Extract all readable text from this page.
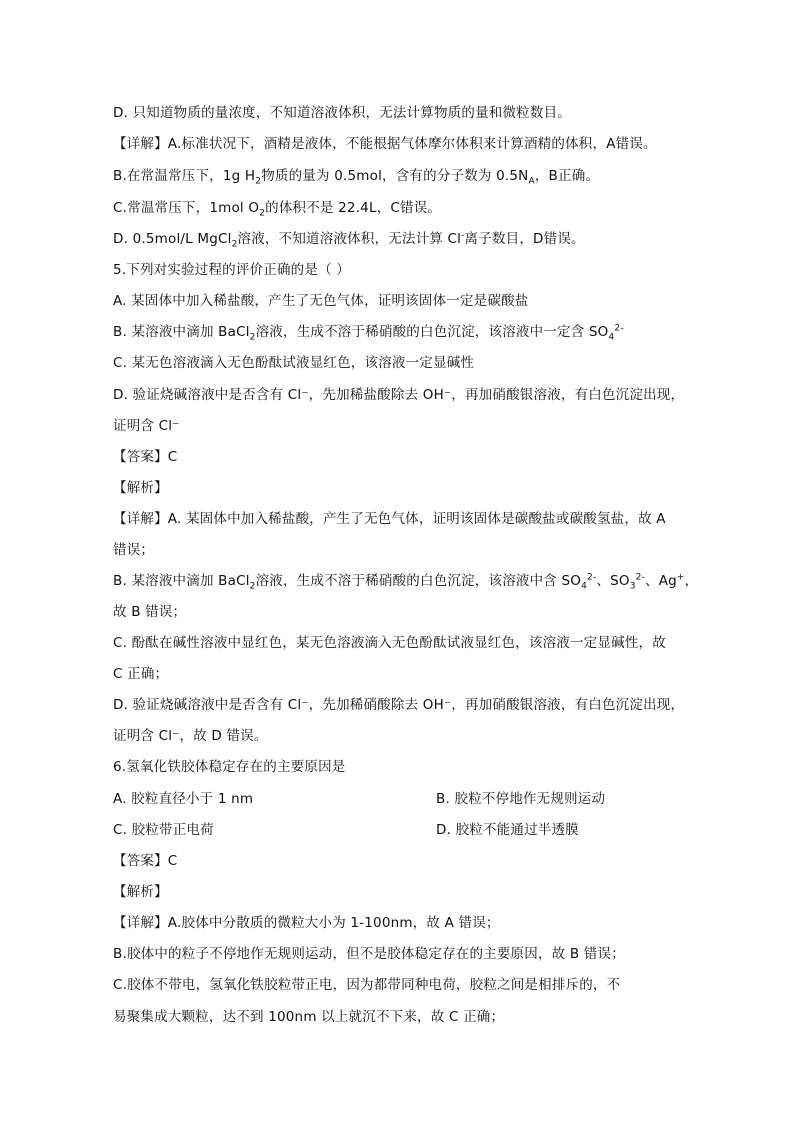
D. 只知道物质的量浓度，不知道溶液体积，无法计算物质的量和微粒数目。
【详解】A.标准状况下，酒精是液体，不能根据气体摩尔体积来计算酒精的体积，A错误。
B.在常温常压下，1g $H_2$物质的量为 0.5mol，含有的分子数为 $0.5N_A$，B正确。
C.常温常压下，1mol $O_2$的体积不是 22.4L，C错误。
D. 0.5mol/L MgCl$_2$溶液，不知道溶液体积，无法计算 Cl-离子数目，D错误。
5.下列对实验过程的评价正确的是（ ）
A. 某固体中加入稀盐酸，产生了无色气体，证明该固体一定是碳酸盐
B. 某溶液中滴加 BaCl$_2$溶液，生成不溶于稀硝酸的白色沉淀，该溶液中一定含 $SO_4^{2-}$
C. 某无色溶液滴入无色酚酞试液显红色，该溶液一定显碱性
D. 验证烧碱溶液中是否含有 Cl⁻，先加稀盐酸除去 OH⁻，再加硝酸银溶液，有白色沉淀出现，
证明含 Cl⁻
【答案】C
【解析】
【详解】A. 某固体中加入稀盐酸，产生了无色气体，证明该固体是碳酸盐或碳酸氢盐，故 A
错误；
B. 某溶液中滴加 BaCl$_2$溶液，生成不溶于稀硝酸的白色沉淀，该溶液中含 $SO_4^{2-}$、$SO_3^{2-}$、Ag+，
故 B 错误；
C. 酚酞在碱性溶液中显红色，某无色溶液滴入无色酚酞试液显红色，该溶液一定显碱性，故
C 正确；
D. 验证烧碱溶液中是否含有 Cl⁻，先加稀硝酸除去 OH⁻，再加硝酸银溶液，有白色沉淀出现，
证明含 Cl⁻，故 D 错误。
6.氢氧化铁胶体稳定存在的主要原因是
A. 胶粒直径小于 1 nm	B. 胶粒不停地作无规则运动
C. 胶粒带正电荷	D. 胶粒不能通过半透膜
【答案】C
【解析】
【详解】A.胶体中分散质的微粒大小为 1-100nm，故 A 错误；
B.胶体中的粒子不停地作无规则运动，但不是胶体稳定存在的主要原因，故 B 错误；
C.胶体不带电，氢氧化铁胶粒带正电，因为都带同种电荷，胶粒之间是相排斥的，不
易聚集成大颗粒，达不到 100nm 以上就沉不下来，故 C 正确；
